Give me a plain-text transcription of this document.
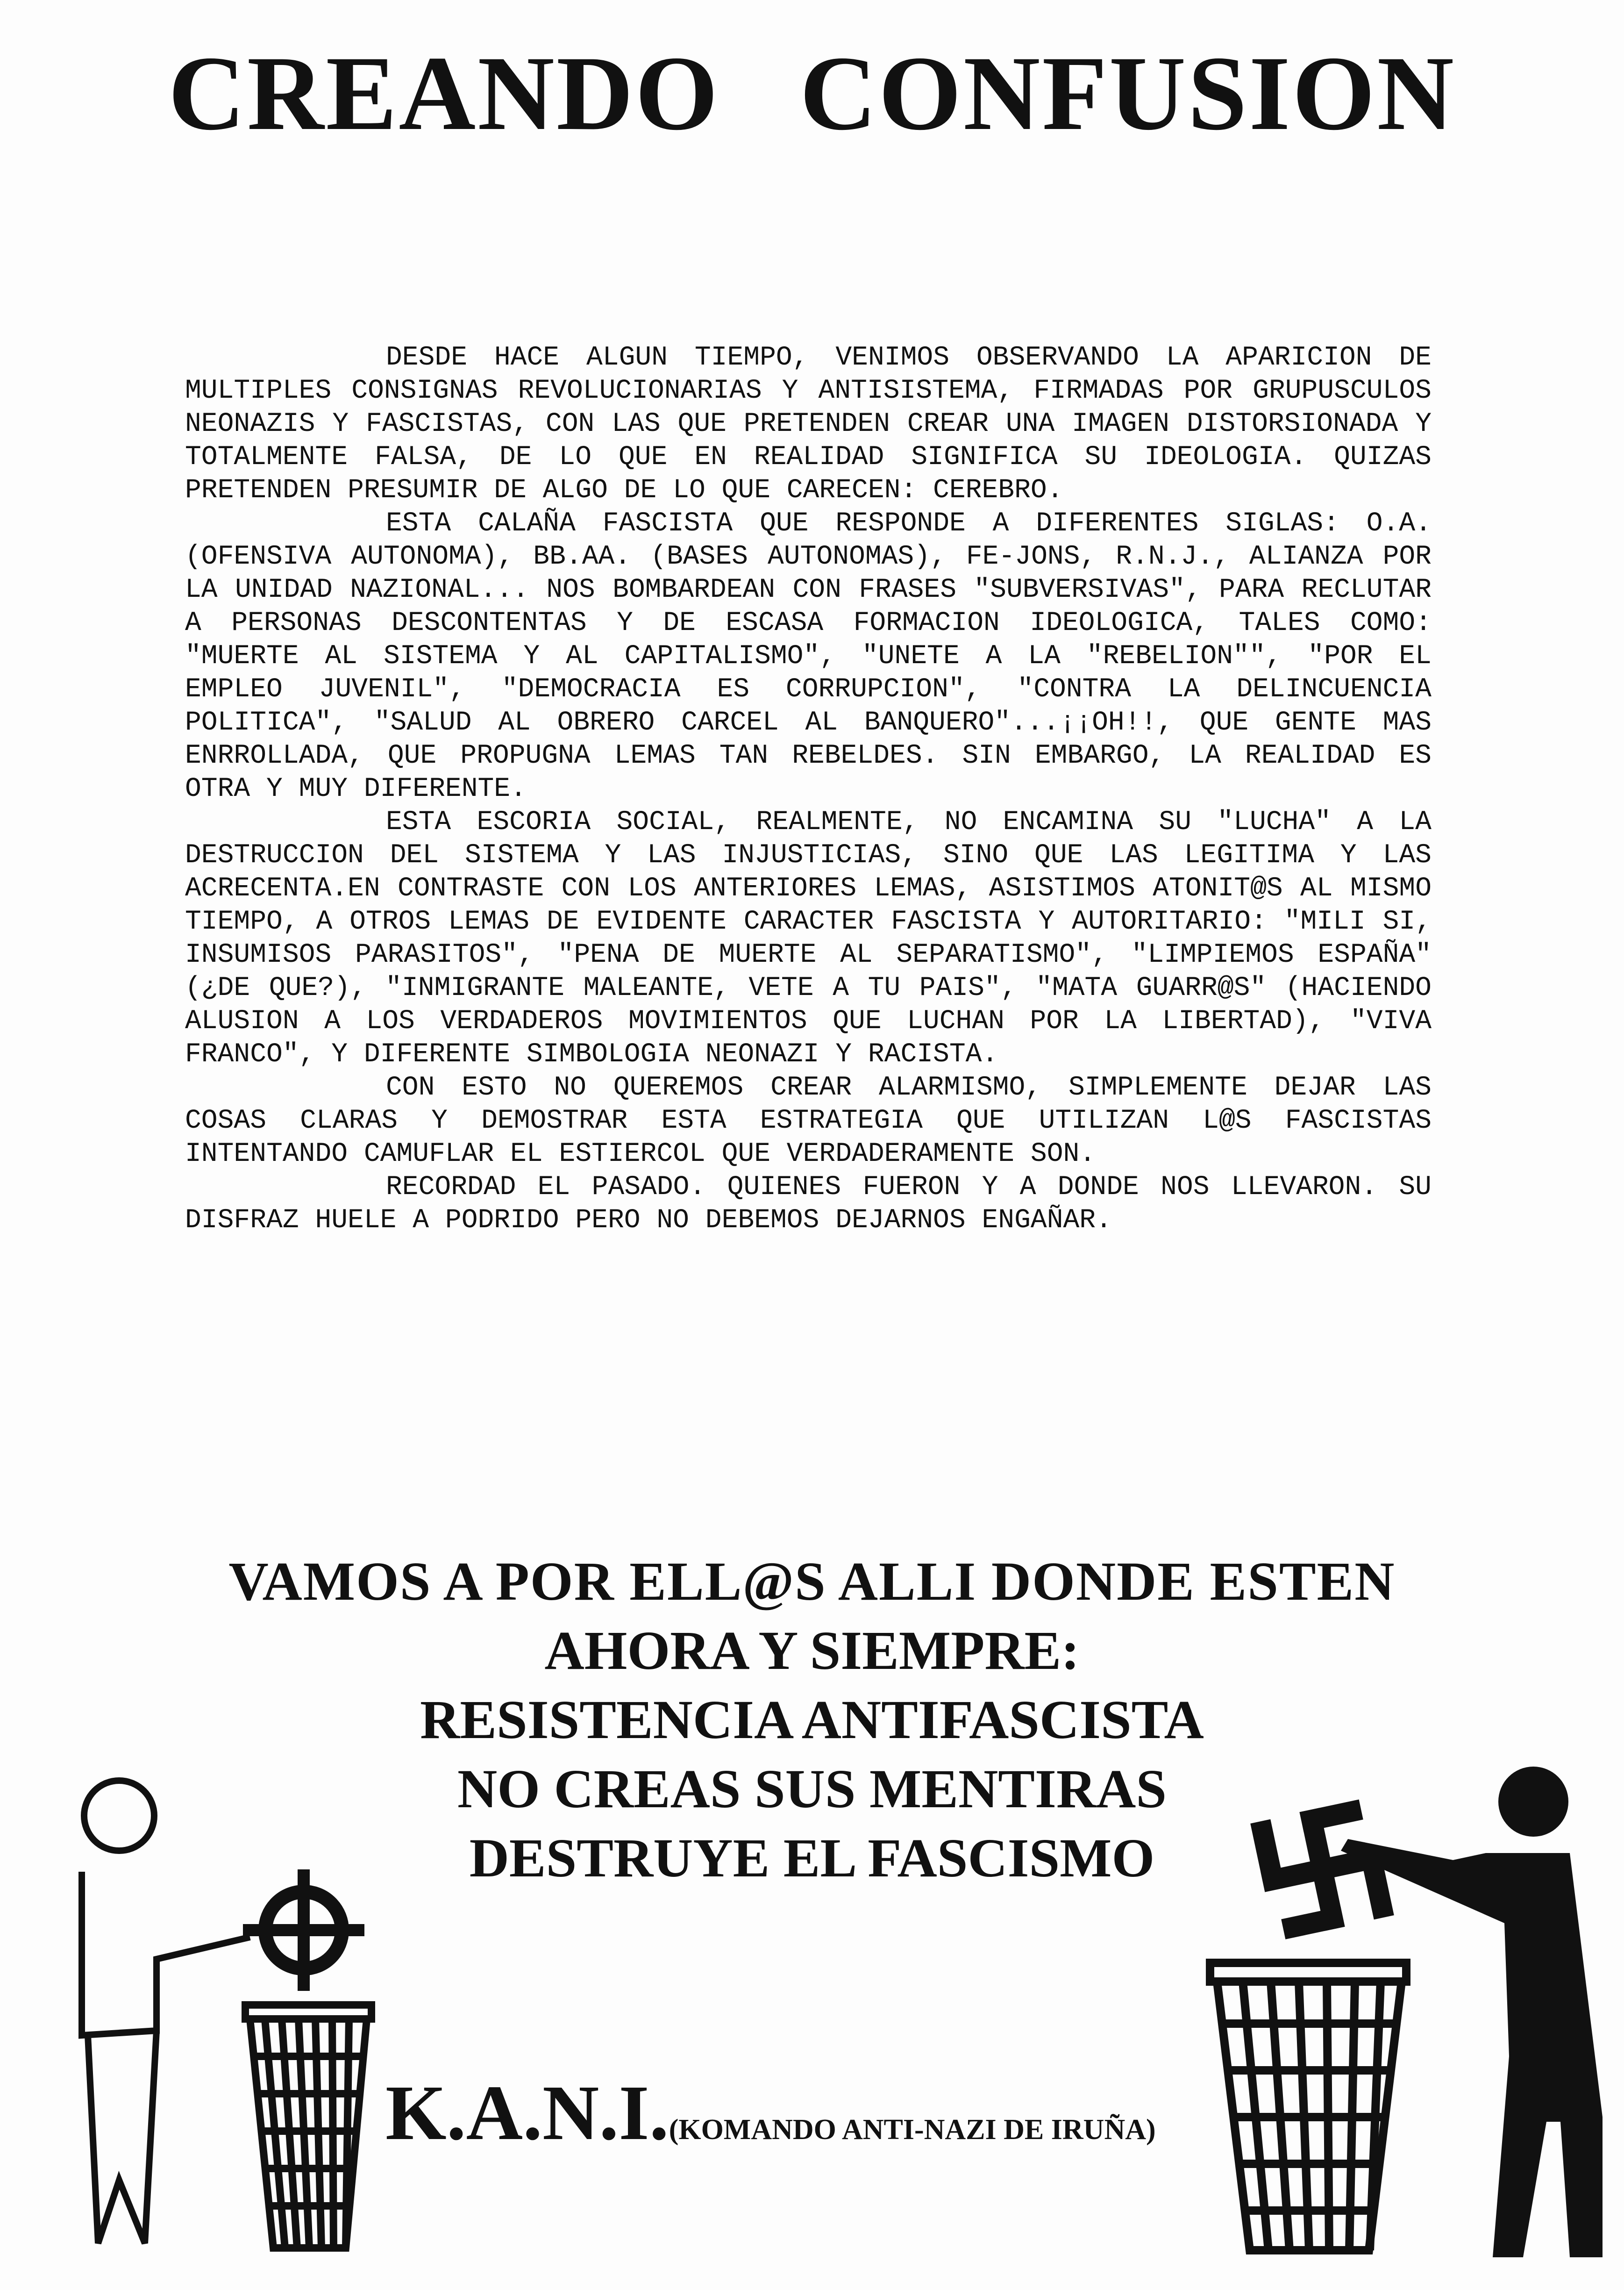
CREANDO CONFUSION

DESDE HACE ALGUN TIEMPO, VENIMOS OBSERVANDO LA APARICION DE MULTIPLES CONSIGNAS REVOLUCIONARIAS Y ANTISISTEMA, FIRMADAS POR GRUPUSCULOS NEONAZIS Y FASCISTAS, CON LAS QUE PRETENDEN CREAR UNA IMAGEN DISTORSIONADA Y TOTALMENTE FALSA, DE LO QUE EN REALIDAD SIGNIFICA SU IDEOLOGIA. QUIZAS PRETENDEN PRESUMIR DE ALGO DE LO QUE CARECEN: CEREBRO.

ESTA CALAÑA FASCISTA QUE RESPONDE A DIFERENTES SIGLAS: O.A. (OFENSIVA AUTONOMA), BB.AA. (BASES AUTONOMAS), FE-JONS, R.N.J., ALIANZA POR LA UNIDAD NAZIONAL... NOS BOMBARDEAN CON FRASES "SUBVERSIVAS", PARA RECLUTAR A PERSONAS DESCONTENTAS Y DE ESCASA FORMACION IDEOLOGICA, TALES COMO: "MUERTE AL SISTEMA Y AL CAPITALISMO", "UNETE A LA "REBELION"", "POR EL EMPLEO JUVENIL", "DEMOCRACIA ES CORRUPCION", "CONTRA LA DELINCUENCIA POLITICA", "SALUD AL OBRERO CARCEL AL BANQUERO"...¡¡OH!!, QUE GENTE MAS ENRROLLADA, QUE PROPUGNA LEMAS TAN REBELDES. SIN EMBARGO, LA REALIDAD ES OTRA Y MUY DIFERENTE.

ESTA ESCORIA SOCIAL, REALMENTE, NO ENCAMINA SU "LUCHA" A LA DESTRUCCION DEL SISTEMA Y LAS INJUSTICIAS, SINO QUE LAS LEGITIMA Y LAS ACRECENTA.EN CONTRASTE CON LOS ANTERIORES LEMAS, ASISTIMOS ATONIT@S AL MISMO TIEMPO, A OTROS LEMAS DE EVIDENTE CARACTER FASCISTA Y AUTORITARIO: "MILI SI, INSUMISOS PARASITOS", "PENA DE MUERTE AL SEPARATISMO", "LIMPIEMOS ESPAÑA" (¿DE QUE?), "INMIGRANTE MALEANTE, VETE A TU PAIS", "MATA GUARR@S" (HACIENDO ALUSION A LOS VERDADEROS MOVIMIENTOS QUE LUCHAN POR LA LIBERTAD), "VIVA FRANCO", Y DIFERENTE SIMBOLOGIA NEONAZI Y RACISTA.

CON ESTO NO QUEREMOS CREAR ALARMISMO, SIMPLEMENTE DEJAR LAS COSAS CLARAS Y DEMOSTRAR ESTA ESTRATEGIA QUE UTILIZAN L@S FASCISTAS INTENTANDO CAMUFLAR EL ESTIERCOL QUE VERDADERAMENTE SON.

RECORDAD EL PASADO. QUIENES FUERON Y A DONDE NOS LLEVARON. SU DISFRAZ HUELE A PODRIDO PERO NO DEBEMOS DEJARNOS ENGAÑAR.

VAMOS A POR ELL@S ALLI DONDE ESTEN
AHORA Y SIEMPRE:
RESISTENCIA ANTIFASCISTA
NO CREAS SUS MENTIRAS
DESTRUYE EL FASCISMO
K.A.N.I.(KOMANDO ANTI-NAZI DE IRUÑA)
